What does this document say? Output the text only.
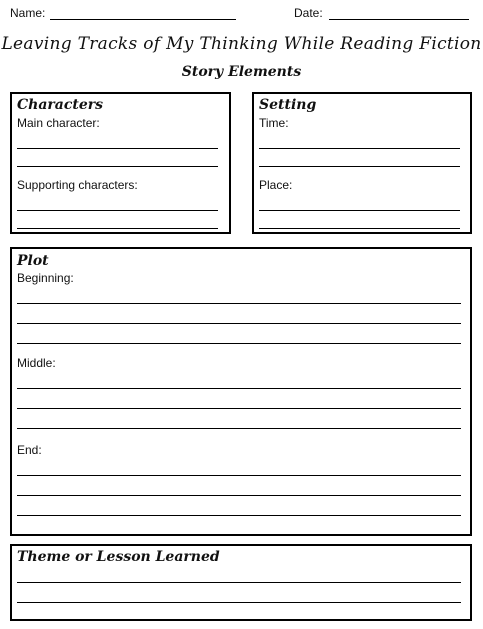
Name:	Date:
Leaving Tracks of My Thinking While Reading Fiction
Story Elements
Characters
Main character:
Supporting characters:
Setting
Time:
Place:
Plot
Beginning:
Middle:
End:
Theme or Lesson Learned
